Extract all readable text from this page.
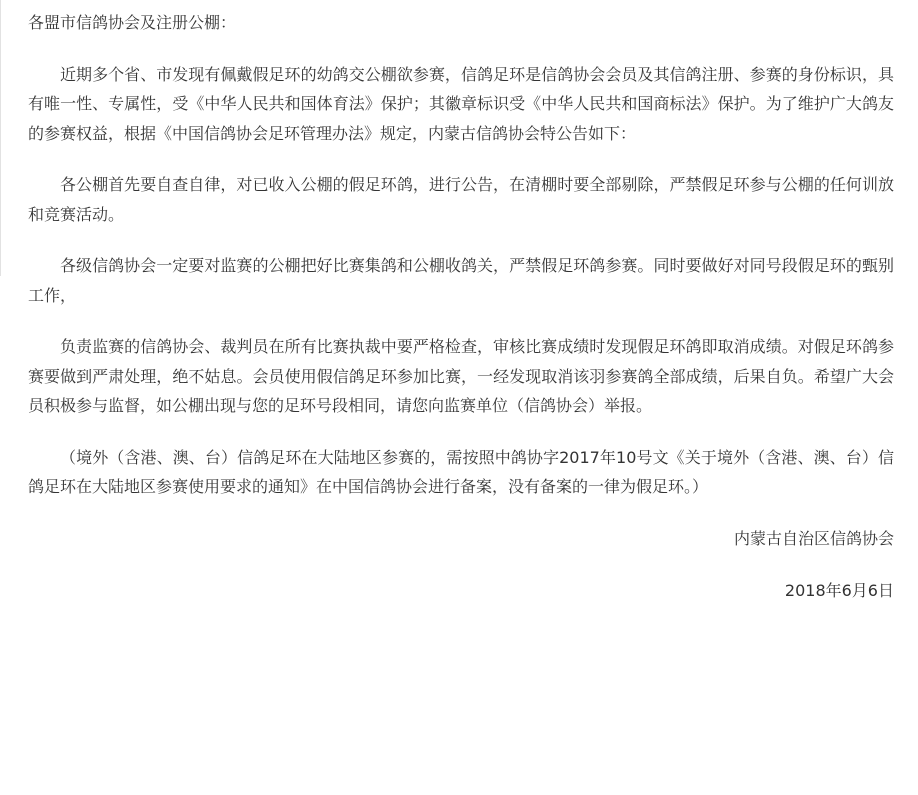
各盟市信鸽协会及注册公棚：

近期多个省、市发现有佩戴假足环的幼鸽交公棚欲参赛，信鸽足环是信鸽协会会员及其信鸽注册、参赛的身份标识，具有唯一性、专属性，受《中华人民共和国体育法》保护；其徽章标识受《中华人民共和国商标法》保护。为了维护广大鸽友的参赛权益，根据《中国信鸽协会足环管理办法》规定，内蒙古信鸽协会特公告如下：

各公棚首先要自查自律，对已收入公棚的假足环鸽，进行公告，在清棚时要全部剔除，严禁假足环参与公棚的任何训放和竞赛活动。

各级信鸽协会一定要对监赛的公棚把好比赛集鸽和公棚收鸽关，严禁假足环鸽参赛。同时要做好对同号段假足环的甄别工作，

负责监赛的信鸽协会、裁判员在所有比赛执裁中要严格检查，审核比赛成绩时发现假足环鸽即取消成绩。对假足环鸽参赛要做到严肃处理，绝不姑息。会员使用假信鸽足环参加比赛，一经发现取消该羽参赛鸽全部成绩，后果自负。希望广大会员积极参与监督，如公棚出现与您的足环号段相同，请您向监赛单位（信鸽协会）举报。

（境外（含港、澳、台）信鸽足环在大陆地区参赛的，需按照中鸽协字2017年10号文《关于境外（含港、澳、台）信鸽足环在大陆地区参赛使用要求的通知》在中国信鸽协会进行备案，没有备案的一律为假足环。）

内蒙古自治区信鸽协会

2018年6月6日
